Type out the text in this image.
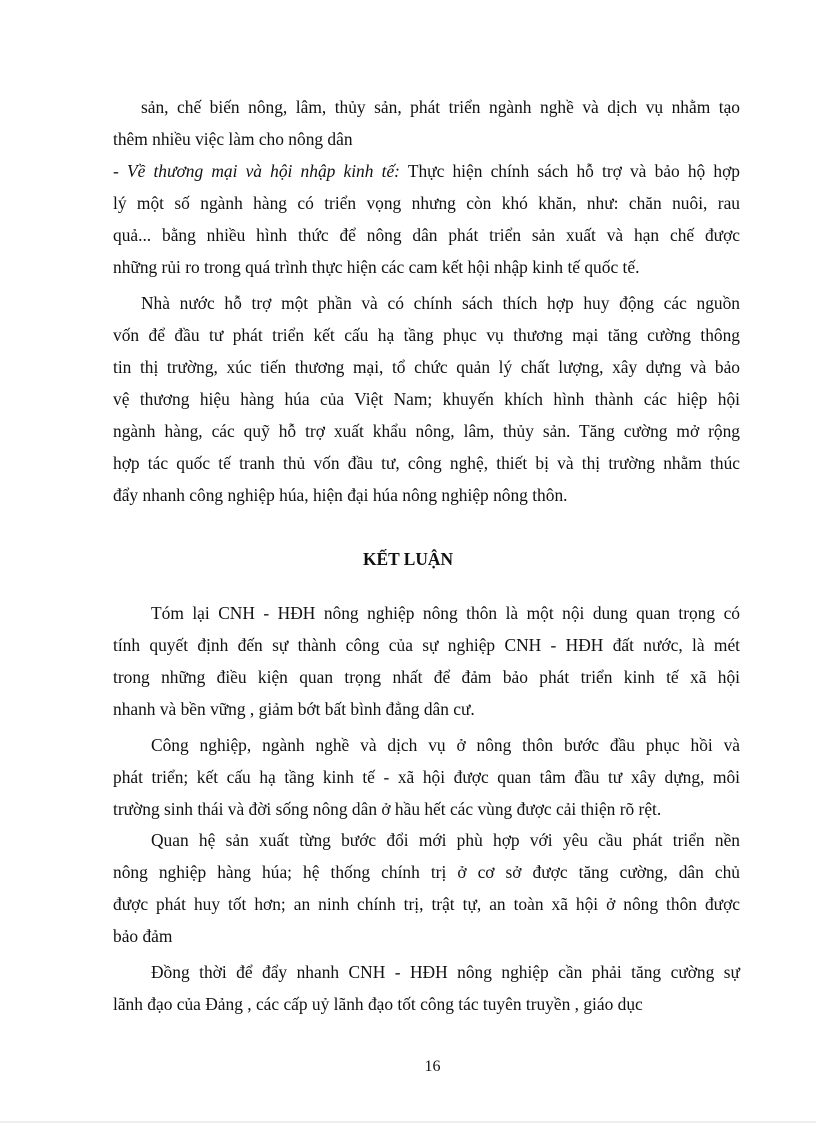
sản, chế biến nông, lâm, thủy sản, phát triển ngành nghề và dịch vụ nhằm tạo
thêm nhiều việc làm cho nông dân
- Về thương mại và hội nhập kinh tế: Thực hiện chính sách hỗ trợ và bảo hộ hợp
lý một số ngành hàng có triển vọng nhưng còn khó khăn, như: chăn nuôi, rau
quả... bằng nhiều hình thức để nông dân phát triển sản xuất và hạn chế được
những rủi ro trong quá trình thực hiện các cam kết hội nhập kinh tế quốc tế.
Nhà nước hỗ trợ một phần và có chính sách thích hợp huy động các nguồn
vốn để đầu tư phát triển kết cấu hạ tầng phục vụ thương mại tăng cường thông
tin thị trường, xúc tiến thương mại, tổ chức quản lý chất lượng, xây dựng và bảo
vệ thương hiệu hàng húa của Việt Nam; khuyến khích hình thành các hiệp hội
ngành hàng, các quỹ hỗ trợ xuất khẩu nông, lâm, thủy sản. Tăng cường mở rộng
hợp tác quốc tế tranh thủ vốn đầu tư, công nghệ, thiết bị và thị trường nhằm thúc
đẩy nhanh công nghiệp húa, hiện đại húa nông nghiệp nông thôn.
KẾT LUẬN
Tóm lại CNH - HĐH nông nghiệp nông thôn là một nội dung quan trọng có
tính quyết định đến sự thành công của sự nghiệp CNH - HĐH đất nước, là mét
trong những điều kiện quan trọng nhất để đảm bảo phát triển kinh tế xã hội
nhanh và bền vững , giảm bớt bất bình đẳng dân cư.
Công nghiệp, ngành nghề và dịch vụ ở nông thôn bước đầu phục hồi và
phát triển; kết cấu hạ tầng kinh tế - xã hội được quan tâm đầu tư xây dựng, môi
trường sinh thái và đời sống nông dân ở hầu hết các vùng được cải thiện rõ rệt.
Quan hệ sản xuất từng bước đổi mới phù hợp với yêu cầu phát triển nền
nông nghiệp hàng húa; hệ thống chính trị ở cơ sở được tăng cường, dân chủ
được phát huy tốt hơn; an ninh chính trị, trật tự, an toàn xã hội ở nông thôn được
bảo đảm
Đồng thời để đẩy nhanh CNH - HĐH nông nghiệp cần phải tăng cường sự
lãnh đạo của Đảng , các cấp uỷ lãnh đạo tốt công tác tuyên truyền , giáo dục
16
